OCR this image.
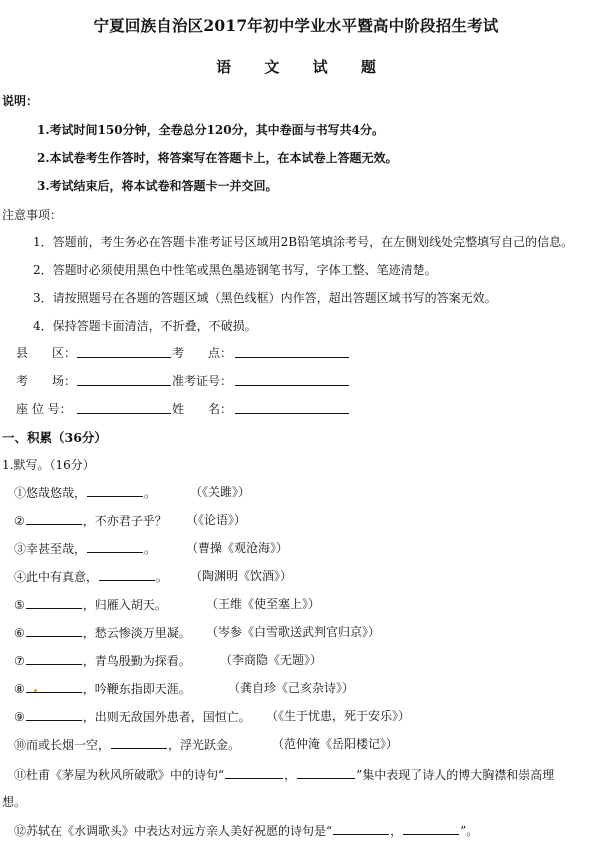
宁夏回族自治区2017年初中学业水平暨高中阶段招生考试
语 文 试 题
说明：
1.考试时间150分钟，全卷总分120分，其中卷面与书写共4分。
2.本试卷考生作答时，将答案写在答题卡上，在本试卷上答题无效。
3.考试结束后，将本试卷和答题卡一并交回。
注意事项：
1．答题前，考生务必在答题卡准考证号区域用2B铅笔填涂考号，在左侧划线处完整填写自己的信息。
2．答题时必须使用黑色中性笔或黑色墨迹钢笔书写，字体工整、笔迹清楚。
3．请按照题号在各题的答题区域（黑色线框）内作答，超出答题区域书写的答案无效。
4．保持答题卡面清洁，不折叠，不破损。
县　　区：	考　　点：
考　　场：	准考证号：
座 位 号：	姓　　名：
一、积累（36分）
1.默写。（16分）
①悠哉悠哉，	。	（《关雎》）
②	，不亦君子乎？ （《论语》）
③幸甚至哉，	。 （曹操《观沧海》）
④此中有真意，	。 （陶渊明《饮酒》）
⑤	，归雁入胡天。	（王维《使至塞上》）
⑥	，愁云惨淡万里凝。 （岑参《白雪歌送武判官归京》）
⑦	，青鸟殷勤为探看。 （李商隐《无题》）
⑧	，吟鞭东指即天涯。	（龚自珍《己亥杂诗》）
⑨	，出则无敌国外患者，国恒亡。 （《生于忧患，死于安乐》）
⑩而或长烟一空，	，浮光跃金。	（范仲淹《岳阳楼记》）
⑪杜甫《茅屋为秋风所破歌》中的诗句“	，	”集中表现了诗人的博大胸襟和崇高理
想。
⑫苏轼在《水调歌头》中表达对远方亲人美好祝愿的诗句是“	，	”。
